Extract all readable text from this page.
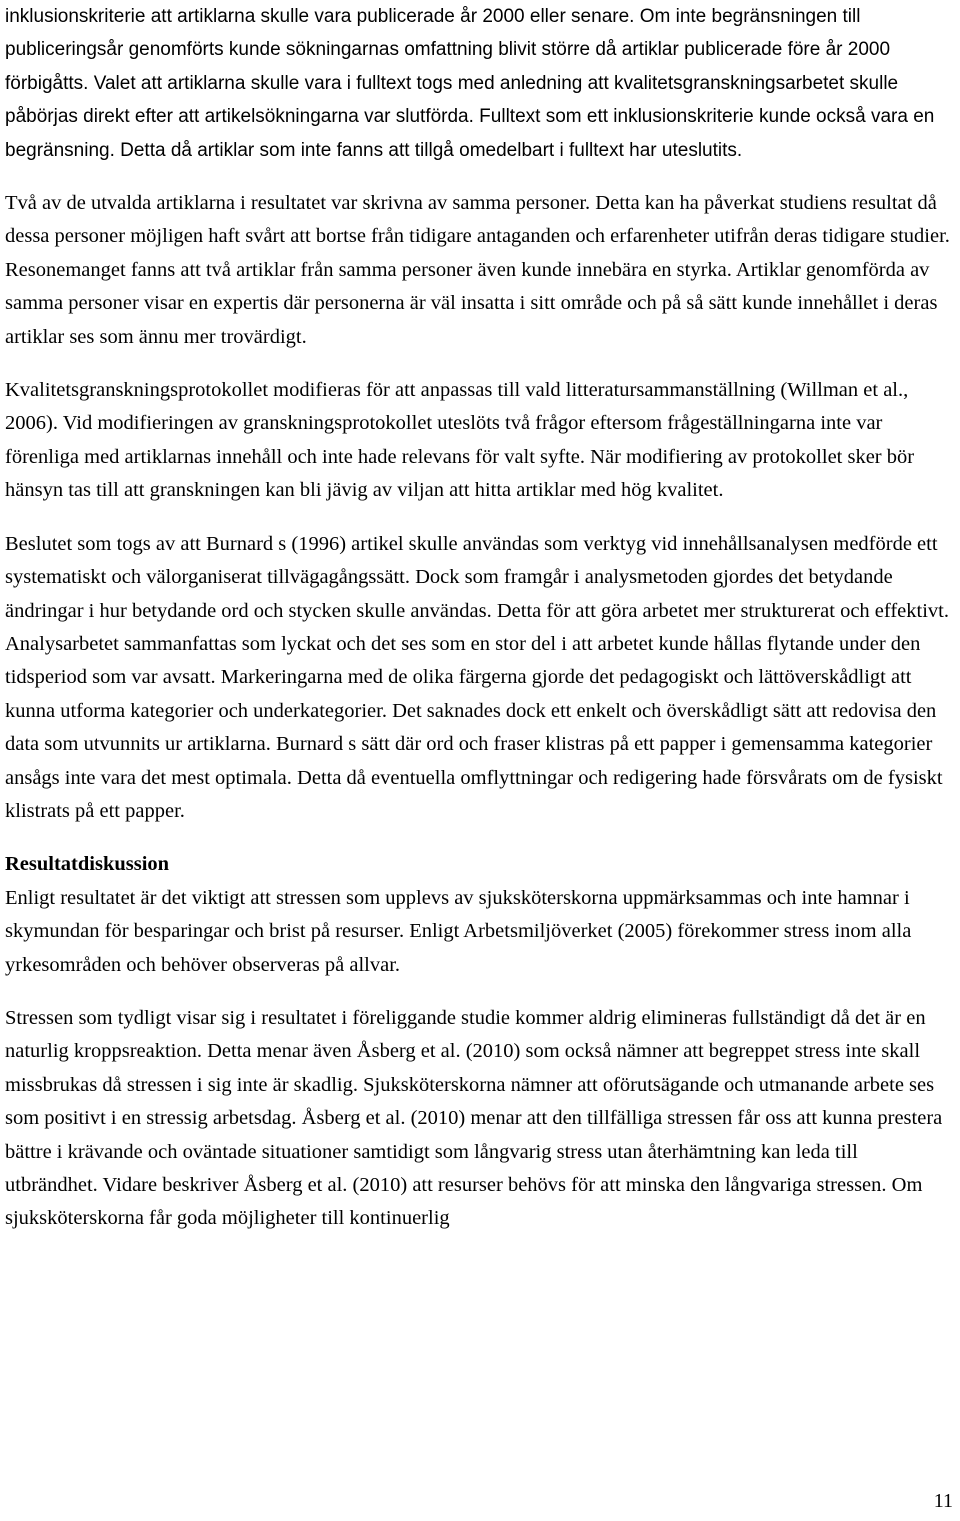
inklusionskriterie att artiklarna skulle vara publicerade år 2000 eller senare. Om inte begränsningen till publiceringsår genomförts kunde sökningarnas omfattning blivit större då artiklar publicerade före år 2000 förbigåtts. Valet att artiklarna skulle vara i fulltext togs med anledning att kvalitetsgranskningsarbetet skulle påbörjas direkt efter att artikelsökningarna var slutförda. Fulltext som ett inklusionskriterie kunde också vara en begränsning. Detta då artiklar som inte fanns att tillgå omedelbart i fulltext har uteslutits.

Två av de utvalda artiklarna i resultatet var skrivna av samma personer. Detta kan ha påverkat studiens resultat då dessa personer möjligen haft svårt att bortse från tidigare antaganden och erfarenheter utifrån deras tidigare studier. Resonemanget fanns att två artiklar från samma personer även kunde innebära en styrka. Artiklar genomförda av samma personer visar en expertis där personerna är väl insatta i sitt område och på så sätt kunde innehållet i deras artiklar ses som ännu mer trovärdigt.

Kvalitetsgranskningsprotokollet modifieras för att anpassas till vald litteratursammanställning (Willman et al., 2006). Vid modifieringen av granskningsprotokollet uteslöts två frågor eftersom frågeställningarna inte var förenliga med artiklarnas innehåll och inte hade relevans för valt syfte. När modifiering av protokollet sker bör hänsyn tas till att granskningen kan bli jävig av viljan att hitta artiklar med hög kvalitet.

Beslutet som togs av att Burnard s (1996) artikel skulle användas som verktyg vid innehållsanalysen medförde ett systematiskt och välorganiserat tillvägagångssätt. Dock som framgår i analysmetoden gjordes det betydande ändringar i hur betydande ord och stycken skulle användas. Detta för att göra arbetet mer strukturerat och effektivt. Analysarbetet sammanfattas som lyckat och det ses som en stor del i att arbetet kunde hållas flytande under den tidsperiod som var avsatt. Markeringarna med de olika färgerna gjorde det pedagogiskt och lättöverskådligt att kunna utforma kategorier och underkategorier. Det saknades dock ett enkelt och överskådligt sätt att redovisa den data som utvunnits ur artiklarna. Burnard s sätt där ord och fraser klistras på ett papper i gemensamma kategorier ansågs inte vara det mest optimala. Detta då eventuella omflyttningar och redigering hade försvårats om de fysiskt klistrats på ett papper.

Resultatdiskussion

Enligt resultatet är det viktigt att stressen som upplevs av sjuksköterskorna uppmärksammas och inte hamnar i skymundan för besparingar och brist på resurser. Enligt Arbetsmiljöverket (2005) förekommer stress inom alla yrkesområden och behöver observeras på allvar.

Stressen som tydligt visar sig i resultatet i föreliggande studie kommer aldrig elimineras fullständigt då det är en naturlig kroppsreaktion. Detta menar även Åsberg et al. (2010) som också nämner att begreppet stress inte skall missbrukas då stressen i sig inte är skadlig. Sjuksköterskorna nämner att oförutsägande och utmanande arbete ses som positivt i en stressig arbetsdag. Åsberg et al. (2010) menar att den tillfälliga stressen får oss att kunna prestera bättre i krävande och oväntade situationer samtidigt som långvarig stress utan återhämtning kan leda till utbrändhet. Vidare beskriver Åsberg et al. (2010) att resurser behövs för att minska den långvariga stressen. Om sjuksköterskorna får goda möjligheter till kontinuerlig

11
